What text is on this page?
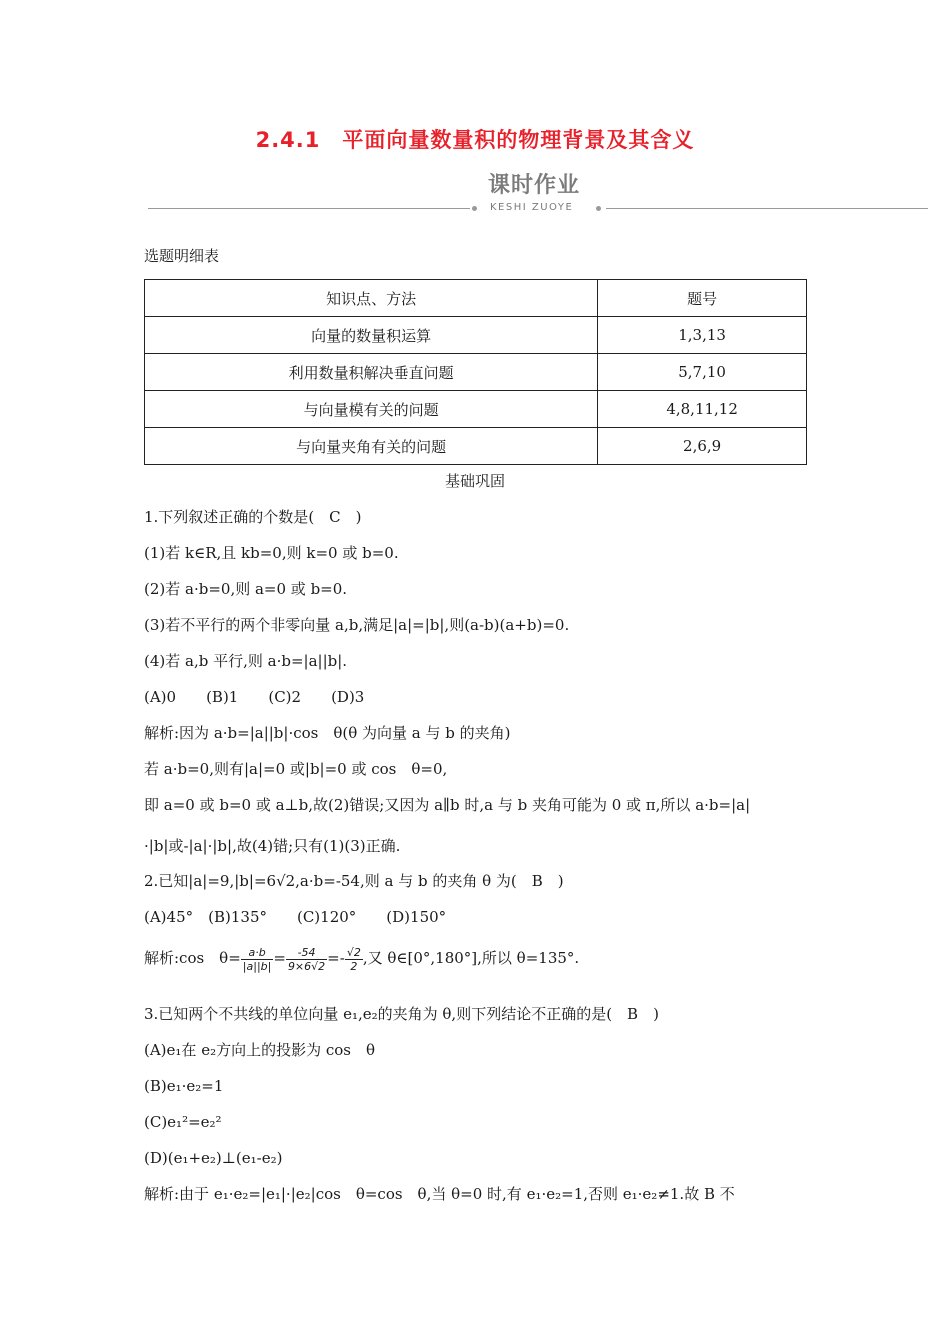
2.4.1　平面向量数量积的物理背景及其含义
课时作业
KESHI ZUOYE
选题明细表
知识点、方法	题号
向量的数量积运算	1,3,13
利用数量积解决垂直问题	5,7,10
与向量模有关的问题	4,8,11,12
与向量夹角有关的问题	2,6,9
基础巩固
1.下列叙述正确的个数是(　C　)
(1)若 k∈R,且 kb=0,则 k=0 或 b=0.
(2)若 a·b=0,则 a=0 或 b=0.
(3)若不平行的两个非零向量 a,b,满足|a|=|b|,则(a-b)(a+b)=0.
(4)若 a,b 平行,则 a·b=|a||b|.
(A)0　　(B)1　　(C)2　　(D)3
解析:因为 a·b=|a||b|·cos　θ(θ 为向量 a 与 b 的夹角)
若 a·b=0,则有|a|=0 或|b|=0 或 cos　θ=0,
即 a=0 或 b=0 或 a⊥b,故(2)错误;又因为 a∥b 时,a 与 b 夹角可能为 0 或 π,所以 a·b=|a|
·|b|或-|a|·|b|,故(4)错;只有(1)(3)正确.
2.已知|a|=9,|b|=6√2,a·b=-54,则 a 与 b 的夹角 θ 为(　B　)
(A)45°　(B)135°　　(C)120°　　(D)150°
解析:cos　$\theta= \frac{a\cdot b}{|a||b|} = \frac{-54}{9\times 6√2} =- \frac{√2}{2}$ ,又 θ∈[0°,180°],所以 θ=135°.
3.已知两个不共线的单位向量 e₁,e₂的夹角为 θ,则下列结论不正确的是(　B　)
(A)e₁在 e₂方向上的投影为 cos　θ
(B)e₁·e₂=1
(C)e₁²=e₂²
(D)(e₁+e₂)⊥(e₁-e₂)
解析:由于 e₁·e₂=|e₁|·|e₂|cos　θ=cos　θ,当 θ=0 时,有 e₁·e₂=1,否则 e₁·e₂≠1.故 B 不
